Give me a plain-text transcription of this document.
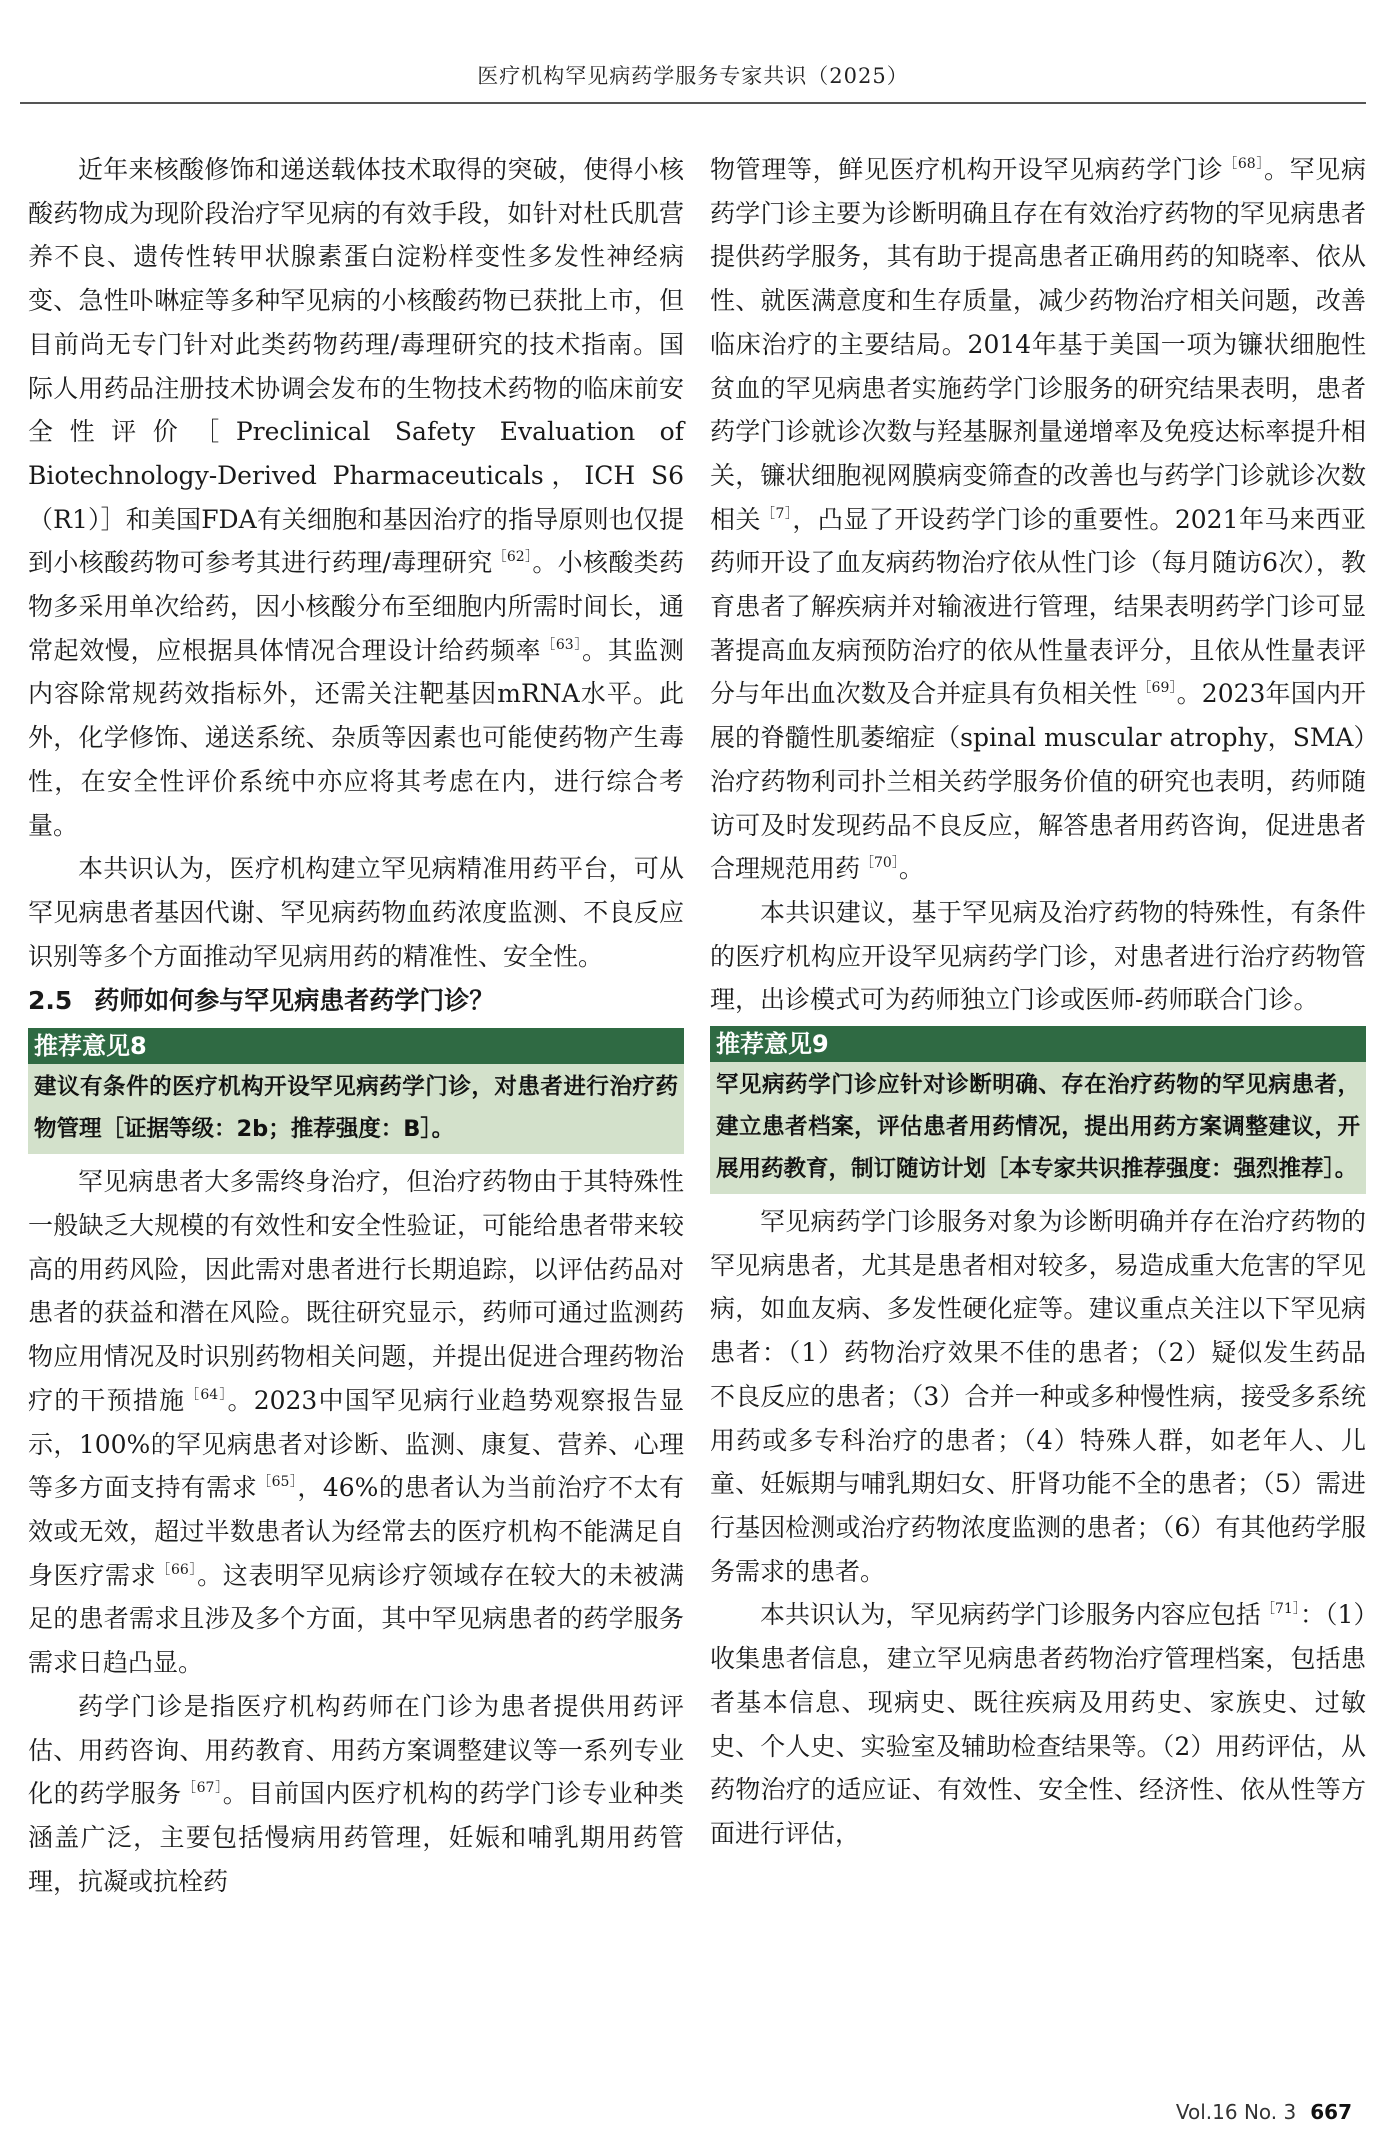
医疗机构罕见病药学服务专家共识（2025）

近年来核酸修饰和递送载体技术取得的突破，使得小核酸药物成为现阶段治疗罕见病的有效手段，如针对杜氏肌营养不良、遗传性转甲状腺素蛋白淀粉样变性多发性神经病变、急性卟啉症等多种罕见病的小核酸药物已获批上市，但目前尚无专门针对此类药物药理/毒理研究的技术指南。国际人用药品注册技术协调会发布的生物技术药物的临床前安全性评价［Preclinical Safety Evaluation of Biotechnology-Derived Pharmaceuticals，ICH S6（R1）］和美国FDA有关细胞和基因治疗的指导原则也仅提到小核酸药物可参考其进行药理/毒理研究$^{[62]}$。小核酸类药物多采用单次给药，因小核酸分布至细胞内所需时间长，通常起效慢，应根据具体情况合理设计给药频率$^{[63]}$。其监测内容除常规药效指标外，还需关注靶基因mRNA水平。此外，化学修饰、递送系统、杂质等因素也可能使药物产生毒性，在安全性评价系统中亦应将其考虑在内，进行综合考量。

本共识认为，医疗机构建立罕见病精准用药平台，可从罕见病患者基因代谢、罕见病药物血药浓度监测、不良反应识别等多个方面推动罕见病用药的精准性、安全性。

2.5 药师如何参与罕见病患者药学门诊？
推荐意见8
建议有条件的医疗机构开设罕见病药学门诊，对患者进行治疗药物管理［证据等级：2b；推荐强度：B］。

罕见病患者大多需终身治疗，但治疗药物由于其特殊性一般缺乏大规模的有效性和安全性验证，可能给患者带来较高的用药风险，因此需对患者进行长期追踪，以评估药品对患者的获益和潜在风险。既往研究显示，药师可通过监测药物应用情况及时识别药物相关问题，并提出促进合理药物治疗的干预措施$^{[64]}$。2023中国罕见病行业趋势观察报告显示，100%的罕见病患者对诊断、监测、康复、营养、心理等多方面支持有需求$^{[65]}$，46%的患者认为当前治疗不太有效或无效，超过半数患者认为经常去的医疗机构不能满足自身医疗需求$^{[66]}$。这表明罕见病诊疗领域存在较大的未被满足的患者需求且涉及多个方面，其中罕见病患者的药学服务需求日趋凸显。

药学门诊是指医疗机构药师在门诊为患者提供用药评估、用药咨询、用药教育、用药方案调整建议等一系列专业化的药学服务$^{[67]}$。目前国内医疗机构的药学门诊专业种类涵盖广泛，主要包括慢病用药管理，妊娠和哺乳期用药管理，抗凝或抗栓药

物管理等，鲜见医疗机构开设罕见病药学门诊$^{[68]}$。罕见病药学门诊主要为诊断明确且存在有效治疗药物的罕见病患者提供药学服务，其有助于提高患者正确用药的知晓率、依从性、就医满意度和生存质量，减少药物治疗相关问题，改善临床治疗的主要结局。2014年基于美国一项为镰状细胞性贫血的罕见病患者实施药学门诊服务的研究结果表明，患者药学门诊就诊次数与羟基脲剂量递增率及免疫达标率提升相关，镰状细胞视网膜病变筛查的改善也与药学门诊就诊次数相关$^{[7]}$，凸显了开设药学门诊的重要性。2021年马来西亚药师开设了血友病药物治疗依从性门诊（每月随访6次），教育患者了解疾病并对输液进行管理，结果表明药学门诊可显著提高血友病预防治疗的依从性量表评分，且依从性量表评分与年出血次数及合并症具有负相关性$^{[69]}$。2023年国内开展的脊髓性肌萎缩症（spinal muscular atrophy，SMA）治疗药物利司扑兰相关药学服务价值的研究也表明，药师随访可及时发现药品不良反应，解答患者用药咨询，促进患者合理规范用药$^{[70]}$。

本共识建议，基于罕见病及治疗药物的特殊性，有条件的医疗机构应开设罕见病药学门诊，对患者进行治疗药物管理，出诊模式可为药师独立门诊或医师-药师联合门诊。

推荐意见9
罕见病药学门诊应针对诊断明确、存在治疗药物的罕见病患者，建立患者档案，评估患者用药情况，提出用药方案调整建议，开展用药教育，制订随访计划［本专家共识推荐强度：强烈推荐］。

罕见病药学门诊服务对象为诊断明确并存在治疗药物的罕见病患者，尤其是患者相对较多，易造成重大危害的罕见病，如血友病、多发性硬化症等。建议重点关注以下罕见病患者：（1）药物治疗效果不佳的患者；（2）疑似发生药品不良反应的患者；（3）合并一种或多种慢性病，接受多系统用药或多专科治疗的患者；（4）特殊人群，如老年人、儿童、妊娠期与哺乳期妇女、肝肾功能不全的患者；（5）需进行基因检测或治疗药物浓度监测的患者；（6）有其他药学服务需求的患者。

本共识认为，罕见病药学门诊服务内容应包括$^{[71]}$：（1）收集患者信息，建立罕见病患者药物治疗管理档案，包括患者基本信息、现病史、既往疾病及用药史、家族史、过敏史、个人史、实验室及辅助检查结果等。（2）用药评估，从药物治疗的适应证、有效性、安全性、经济性、依从性等方面进行评估，

Vol.16 No. 3 667
